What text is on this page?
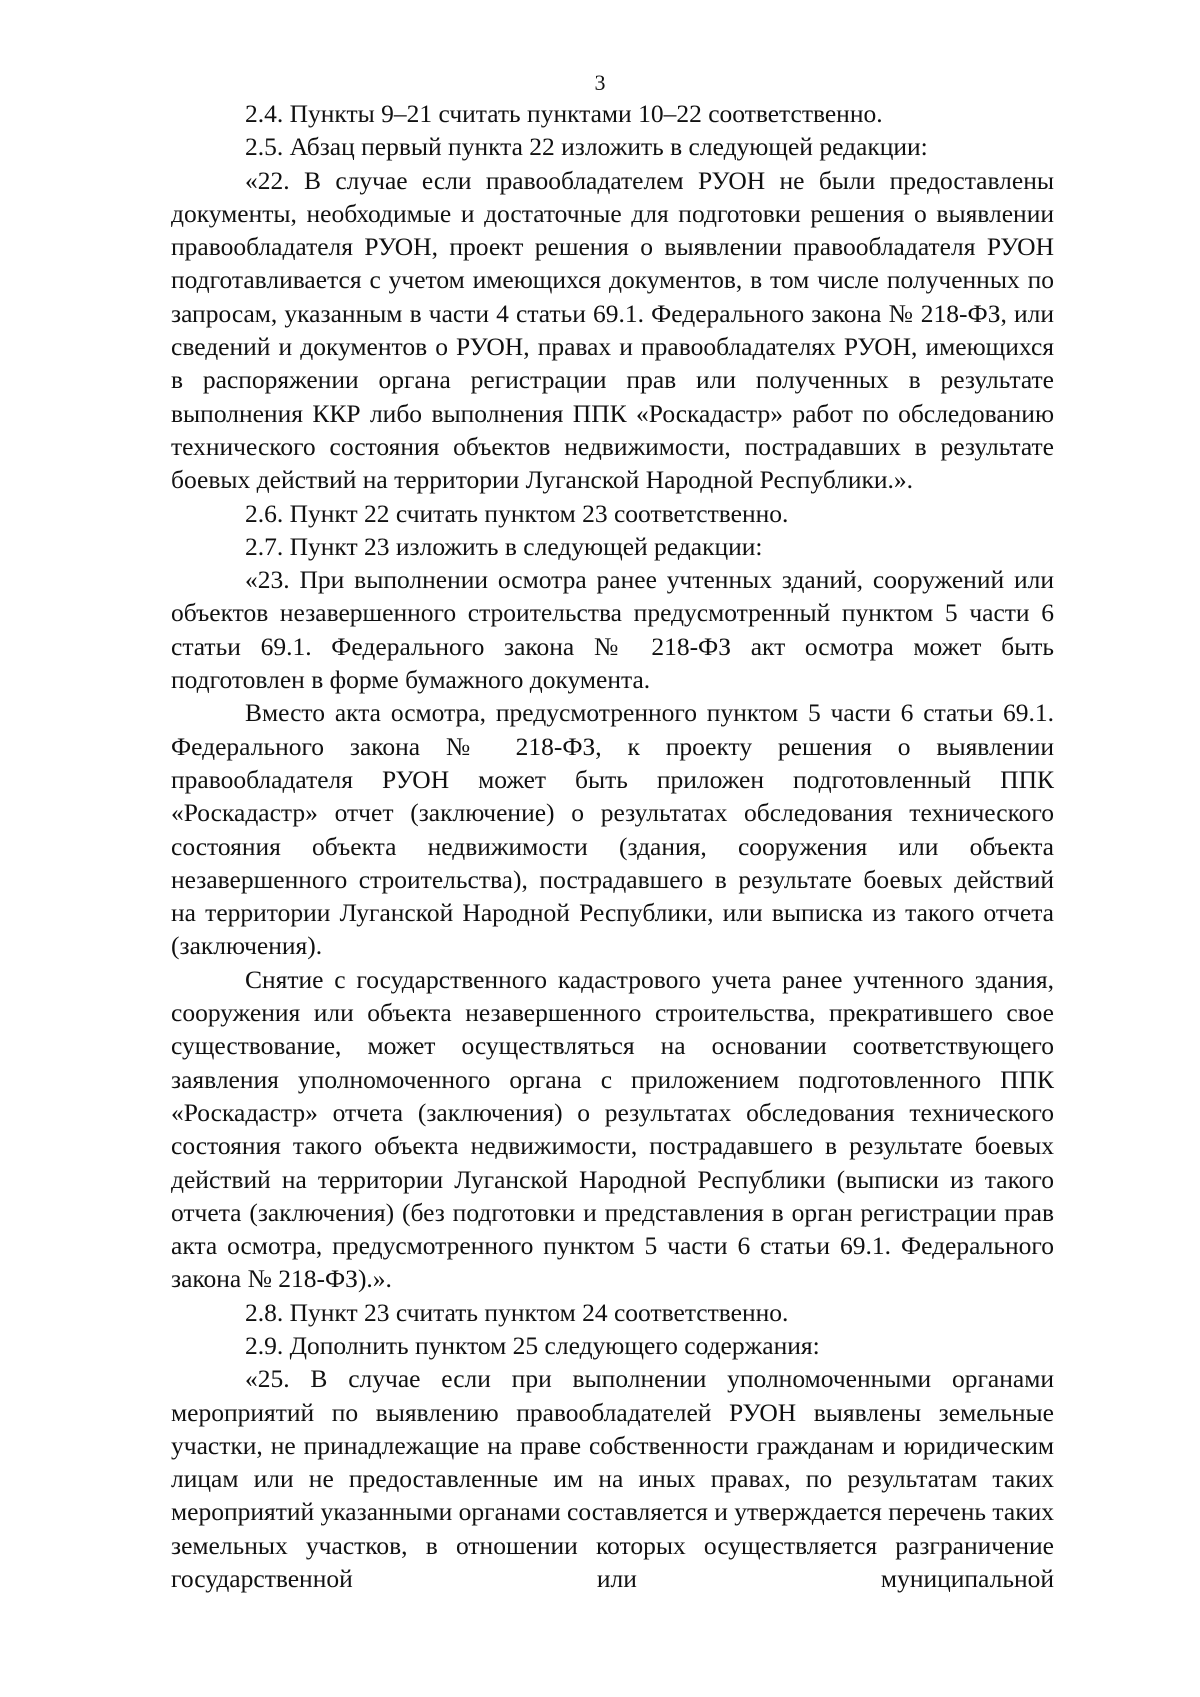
3

2.4. Пункты 9–21 считать пунктами 10–22 соответственно.

2.5. Абзац первый пункта 22 изложить в следующей редакции:

«22. В случае если правообладателем РУОН не были предоставлены документы, необходимые и достаточные для подготовки решения о выявлении правообладателя РУОН, проект решения о выявлении правообладателя РУОН подготавливается с учетом имеющихся документов, в том числе полученных по запросам, указанным в части 4 статьи 69.1. Федерального закона № 218-ФЗ, или сведений и документов о РУОН, правах и правообладателях РУОН, имеющихся в распоряжении органа регистрации прав или полученных в результате выполнения ККР либо выполнения ППК «Роскадастр» работ по обследованию технического состояния объектов недвижимости, пострадавших в результате боевых действий на территории Луганской Народной Республики.».

2.6. Пункт 22 считать пунктом 23 соответственно.

2.7. Пункт 23 изложить в следующей редакции:

«23. При выполнении осмотра ранее учтенных зданий, сооружений или объектов незавершенного строительства предусмотренный пунктом 5 части 6 статьи 69.1. Федерального закона № 218-ФЗ акт осмотра может быть подготовлен в форме бумажного документа.

Вместо акта осмотра, предусмотренного пунктом 5 части 6 статьи 69.1. Федерального закона № 218-ФЗ, к проекту решения о выявлении правообладателя РУОН может быть приложен подготовленный ППК «Роскадастр» отчет (заключение) о результатах обследования технического состояния объекта недвижимости (здания, сооружения или объекта незавершенного строительства), пострадавшего в результате боевых действий на территории Луганской Народной Республики, или выписка из такого отчета (заключения).

Снятие с государственного кадастрового учета ранее учтенного здания, сооружения или объекта незавершенного строительства, прекратившего свое существование, может осуществляться на основании соответствующего заявления уполномоченного органа с приложением подготовленного ППК «Роскадастр» отчета (заключения) о результатах обследования технического состояния такого объекта недвижимости, пострадавшего в результате боевых действий на территории Луганской Народной Республики (выписки из такого отчета (заключения) (без подготовки и представления в орган регистрации прав акта осмотра, предусмотренного пунктом 5 части 6 статьи 69.1. Федерального закона № 218-ФЗ).».

2.8. Пункт 23 считать пунктом 24 соответственно.

2.9. Дополнить пунктом 25 следующего содержания:

«25. В случае если при выполнении уполномоченными органами мероприятий по выявлению правообладателей РУОН выявлены земельные участки, не принадлежащие на праве собственности гражданам и юридическим лицам или не предоставленные им на иных правах, по результатам таких мероприятий указанными органами составляется и утверждается перечень таких земельных участков, в отношении которых осуществляется разграничение государственной или муниципальной
